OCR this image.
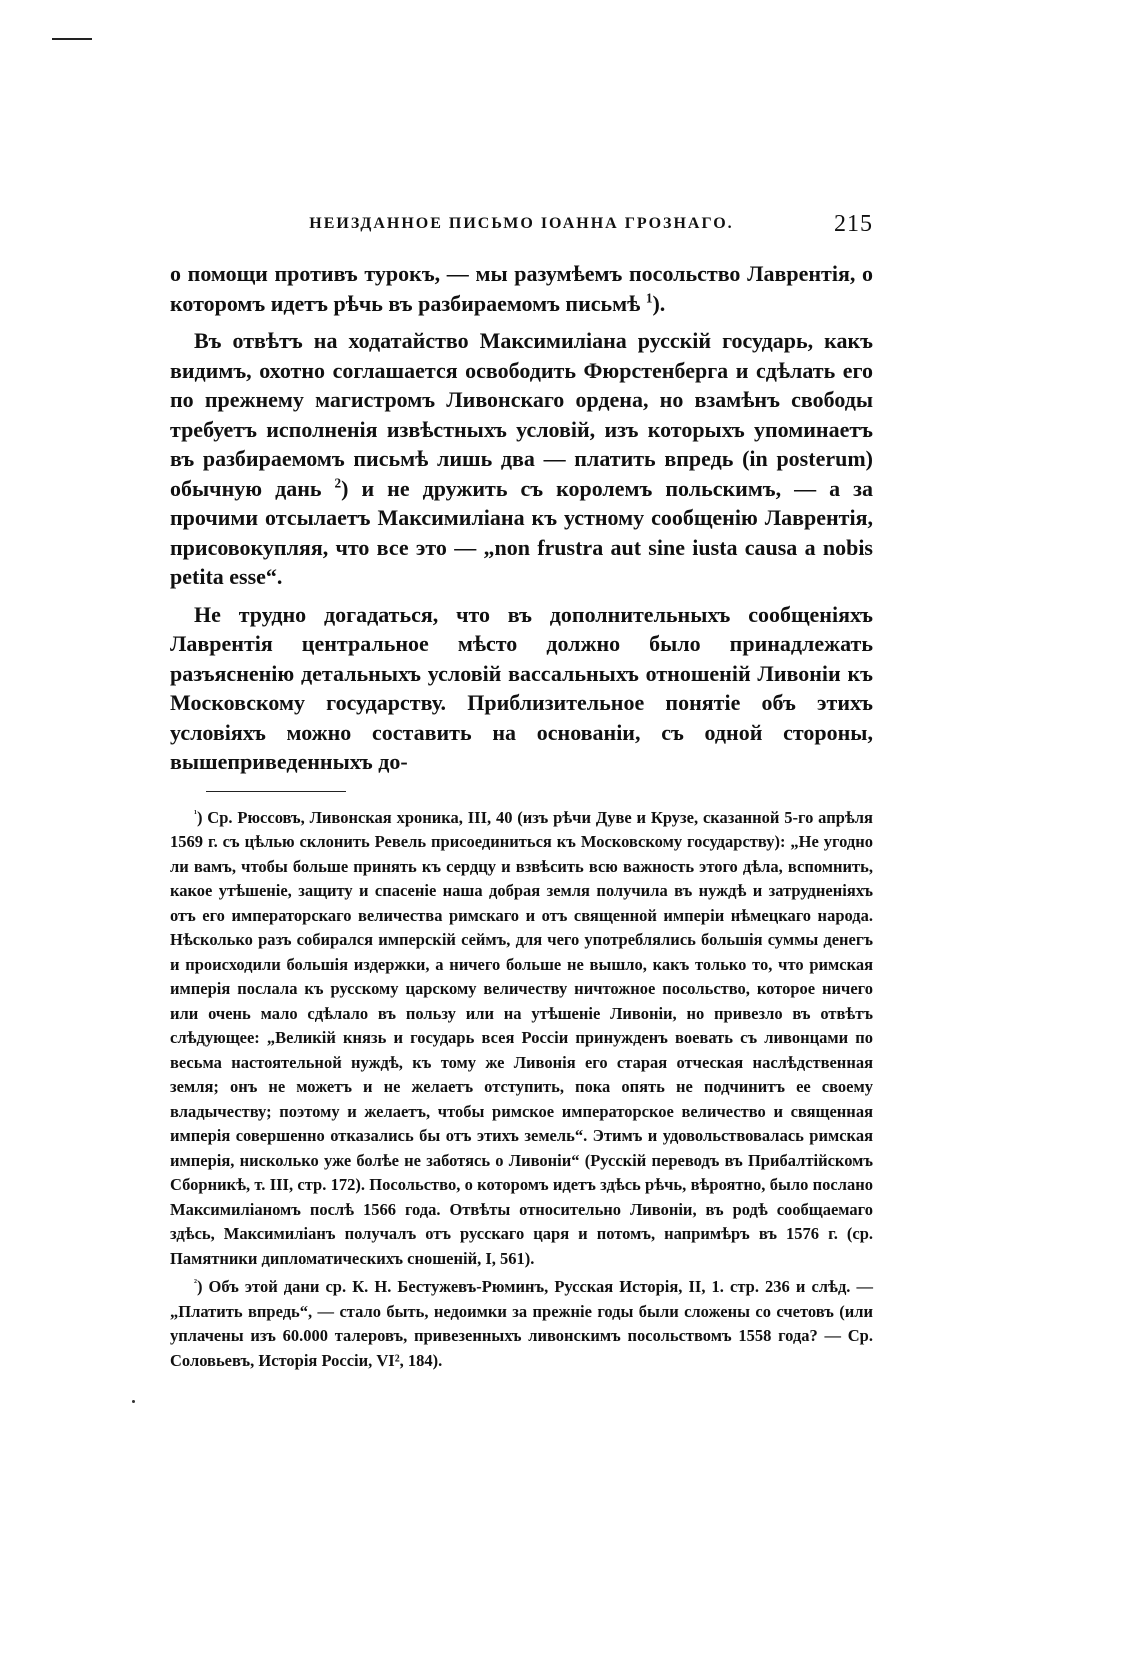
НЕИЗДАННОЕ ПИСЬМО ІОАННА ГРОЗНАГО.	215

о помощи противъ турокъ, — мы разумѣемъ посольство Лаврентія, о которомъ идетъ рѣчь въ разбираемомъ письмѣ $^1$).

Въ отвѣтъ на ходатайство Максимиліана русскій государь, какъ видимъ, охотно соглашается освободить Фюрстенберга и сдѣлать его по прежнему магистромъ Ливонскаго ордена, но взамѣнъ свободы требуетъ исполненія извѣстныхъ условій, изъ которыхъ упоминаетъ въ разбираемомъ письмѣ лишь два — платить впредь (in posterum) обычную дань $^2$) и не дружить съ королемъ польскимъ, — а за прочими отсылаетъ Максимиліана къ устному сообщенію Лаврентія, присовокупляя, что все это — „non frustra aut sine iusta causa a nobis petita esse“.

Не трудно догадаться, что въ дополнительныхъ сообщеніяхъ Лаврентія центральное мѣсто должно было принадлежать разъясненію детальныхъ условій вассальныхъ отношеній Ливоніи къ Московскому государству. Приблизительное понятіе объ этихъ условіяхъ можно составить на основаніи, съ одной стороны, вышеприведенныхъ до-

$^{^1}$) Ср. Рюссовъ, Ливонская хроника, III, 40 (изъ рѣчи Дуве и Крузе, сказанной 5-го апрѣля 1569 г. съ цѣлью склонить Ревель присоединиться къ Московскому государству): „Не угодно ли вамъ, чтобы больше принять къ сердцу и взвѣсить всю важность этого дѣла, вспомнить, какое утѣшеніе, защиту и спасеніе наша добрая земля получила въ нуждѣ и затрудненіяхъ отъ его императорскаго величества римскаго и отъ священной имперіи нѣмецкаго народа. Нѣсколько разъ собирался имперскій сеймъ, для чего употреблялись большія суммы денегъ и происходили большія издержки, а ничего больше не вышло, какъ только то, что римская имперія послала къ русскому царскому величеству ничтожное посольство, которое ничего или очень мало сдѣлало въ пользу или на утѣшеніе Ливоніи, но привезло въ отвѣтъ слѣдующее: „Великій князь и государь всея Россіи принужденъ воевать съ ливонцами по весьма настоятельной нуждѣ, къ тому же Ливонія его старая отческая наслѣдственная земля; онъ не можетъ и не желаетъ отступить, пока опять не подчинитъ ее своему владычеству; поэтому и желаетъ, чтобы римское императорское величество и священная имперія совершенно отказались бы отъ этихъ земель“. Этимъ и удовольствовалась римская имперія, нисколько уже болѣе не заботясь о Ливоніи“ (Русскій переводъ въ Прибалтійскомъ Сборникѣ, т. III, стр. 172). Посольство, о которомъ идетъ здѣсь рѣчь, вѣроятно, было послано Максимиліаномъ послѣ 1566 года. Отвѣты относительно Ливоніи, въ родѣ сообщаемаго здѣсь, Максимиліанъ получалъ отъ русскаго царя и потомъ, напримѣръ въ 1576 г. (ср. Памятники дипломатическихъ сношеній, I, 561).

$^{^2}$) Объ этой дани ср. К. Н. Бестужевъ-Рюминъ, Русская Исторія, II, 1. стр. 236 и слѣд. — „Платить впредь“, — стало быть, недоимки за прежніе годы были сложены со счетовъ (или уплачены изъ 60.000 талеровъ, привезенныхъ ливонскимъ посольствомъ 1558 года? — Ср. Соловьевъ, Исторія Россіи, VI², 184).
